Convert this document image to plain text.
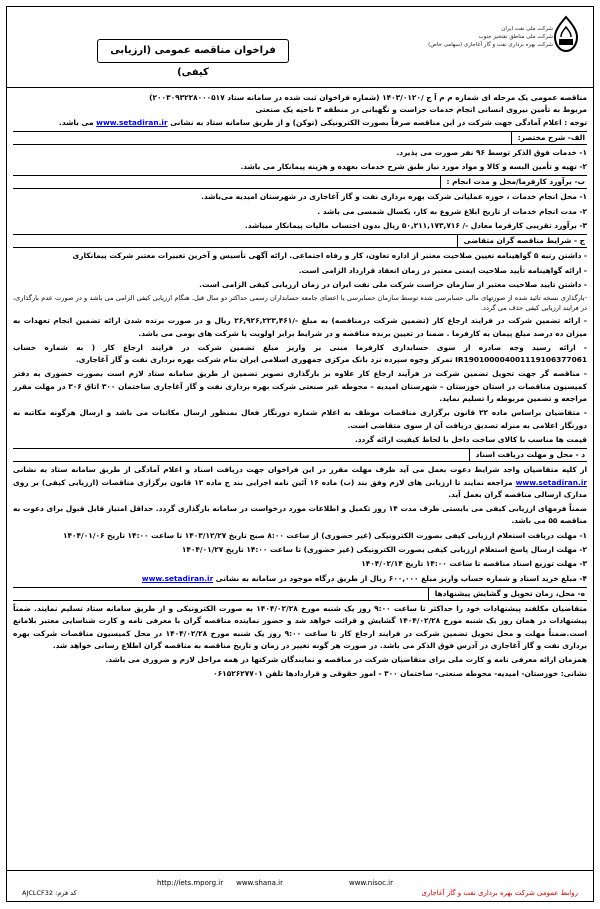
شرکت ملی نفت ایران
شرکت ملی مناطق نفتخیز جنوب
شرکت بهره برداری نفت و گاز آغاجاری (سهامی خاص)
فراخوان مناقصه عمومی (ارزیابی کیفی)

مناقصه عمومی یک مرحله ای شماره م م آ ج /۱۴۰۳/۰۱۲۰ (شماره فراخوان ثبت شده در سامانه ستاد ۲۰۰۳۰۹۳۲۲۸۰۰۰۵۱۷)

مربوط به تأمین نیروی انسانی انجام خدمات حراست و نگهبانی در منطقه ۳ ناحیه یک صنعتی

توجه : اعلام آمادگی جهت شرکت در این مناقصه صرفاً بصورت الکترونیکی (توکن) و از طریق سامانه ستاد به نشانی www.setadiran.ir می باشد.

الف- شرح مختصر:

۱- خدمات فوق الذکر توسط ۹۶ نفر صورت می پذیرد.

۲- تهیه و تأمین البسه و کالا و مواد مورد نیاز طبق شرح خدمات بعهده و هزینه پیمانکار می باشد.

ب- برآورد کارفرما/محل و مدت انجام :

۱- محل انجام خدمات ، حوزه عملیاتی شرکت بهره برداری نفت و گاز آغاجاری در شهرستان امیدیه می‌باشد.

۲- مدت انجام خدمات از تاریخ ابلاغ شروع به کار، یکسال شمسی می باشد .

۳- برآورد تقریبی کارفرما معادل -/ ۵۰,۲۱۱,۱۷۳,۷۱۶ ریال بدون احتساب مالیات پیمانکار میباشد.

ج - شرایط مناقصه گران متقاضی

- داشتن رتبه ۵ گواهینامه تعیین صلاحیت معتبر از اداره تعاون، کار و رفاه اجتماعی. ارائه آگهی تأسیس و آخرین تغییرات معتبر شرکت پیمانکاری

- ارائه گواهینامه تأیید صلاحیت ایمنی معتبر در زمان انعقاد قرارداد الزامی است.

- داشتن تایید صلاحیت معتبر از سازمان حراست شرکت ملی نفت ایران در زمان ارزیابی کیفی الزامی است.

-بارگذاری نسخه تائید شده از صورتهای مالی حسابرسی شده توسط سازمان حسابرسی یا اعضای جامعه حسابداران رسمی حداکثر دو سال قبل. هنگام ارزیابی کیفی الزامی می باشد و در صورت عدم بارگذاری، در فرایند ارزیابی کیفی حذف می گردد.

- ارائه تضمین شرکت در فرایند ارجاع کار (تضمین شرکت درمناقصه) به مبلغ -/۲۶,۹۲۶,۲۲۳,۴۶۱ ریال و در صورت برنده شدن ارائه تضمین انجام تعهدات به میزان ده درصد مبلغ پیمان به کارفرما . ضمنا در تعیین برنده مناقصه و در شرایط برابر اولویت با شرکت های بومی می باشد.

- ارائه رسید وجه صادره از سوی حسابداری کارفرما مبنی بر واریز مبلغ تضمین شرکت در فرایند ارجاع کار ( به شماره حساب IR190100004001119106377061 تمرکز وجوه سپرده نزد بانک مرکزی جمهوری اسلامی ایران بنام شرکت بهره برداری نفت و گاز آغاجاری.

- مناقصه گر جهت تحویل تضمین شرکت در فرآیند ارجاع کار علاوه بر بارگذاری تصویر تضمین از طریق سامانه ستاد لازم است بصورت حضوری به دفتر کمیسیون مناقصات در استان خوزستان – شهرستان امیدیه – محوطه غیر صنعتی شرکت بهره برداری نفت و گاز آغاجاری ساختمان ۳۰۰ اتاق ۳۰۶ در مهلت مقرر مراجعه و تضمین مربوطه را تسلیم نماید.

- متقاضیان براساس ماده ۲۲ قانون برگزاری مناقصات موظف به اعلام شماره دورنگار فعال بمنظور ارسال مکاتبات می باشد و ارسال هرگونه مکاتبه به دورنگار اعلامی به منزله تصدیق دریافت آن از سوی متقاضی است.

قیمت ها مناسب با کالای ساخت داخل با لحاظ کیفیت ارائه گردد.

د - محل و مهلت دریافت اسناد

از کلیه متقاضیان واجد شرایط دعوت بعمل می آید ظرف مهلت مقرر در این فراخوان جهت دریافت اسناد و اعلام آمادگی از طریق سامانه ستاد به نشانی www.setadiran.ir مراجعه نمایند تا ارزیابی های لازم وفق بند (ب) ماده ۱۶ آئین نامه اجرایی بند ج ماده ۱۲ قانون برگزاری مناقصات (ارزیابی کیفی) بر روی مدارک ارسالی مناقصه گران بعمل آید.

ضمناً فرمهای ارزیابی کیفی می بایستی ظرف مدت ۱۴ روز تکمیل و اطلاعات مورد درخواست در سامانه بارگذاری گردد. حداقل امتیاز قابل قبول برای دعوت به مناقصه ۵۵ می باشد.

۱- مهلت دریافت استعلام ارزیابی کیفی بصورت الکترونیکی (غیر حضوری) از ساعت ۸:۰۰ صبح تاریخ ۱۴۰۳/۱۲/۲۷ تا ساعت ۱۴:۰۰ تاریخ ۱۴۰۴/۰۱/۰۶

۲- مهلت ارسال پاسخ استعلام ارزیابی کیفی بصورت الکترونیکی (غیر حضوری) تا ساعت ۱۴:۰۰ تاریخ ۱۴۰۴/۰۱/۲۷

۳- مهلت توزیع اسناد مناقصه تا ساعت ۱۴:۰۰ تاریخ ۱۴۰۴/۰۲/۱۴

۴- مبلغ خرید اسناد و شماره حساب واریز مبلغ ۶۰۰,۰۰۰ ریال از طریق درگاه موجود در سامانه به نشانی www.setadiran.ir

ه- محل، زمان تحویل و گشایش پیشنهادها

متقاضیان مکلفند پیشنهادات خود را حداکثر تا ساعت ۹:۰۰ روز یک شنبه مورخ ۱۴۰۴/۰۲/۲۸ به صورت الکترونیکی و از طریق سامانه ستاد تسلیم نمایند. ضمناً پیشنهادات در همان روز یک شنبه مورخ ۱۴۰۴/۰۲/۲۸ گشایش و قرائت خواهد شد و حضور نماینده مناقصه گران با معرفی نامه و کارت شناسایی معتبر بلامانع است.ضمناً مهلت و محل تحویل تضمین شرکت در فرایند ارجاع کار تا ساعت ۹:۰۰ روز یک شنبه مورخ ۱۴۰۴/۰۲/۲۸ در محل کمیسیون مناقصات شرکت بهره برداری نفت و گاز آغاجاری در آدرس فوق الذکر می باشد. در صورت هر گونه تغییر در زمان و تاریخ مناقصه به مناقصه گران اطلاع رسانی خواهد شد.

همزمان ارائه معرفی نامه و کارت ملی برای متقاضیان شرکت در مناقصه و نمایندگان شرکتها در همه مراحل لازم و ضروری می باشد.

نشانی: خوزستان- امیدیه- محوطه صنعتی- ساختمان ۳۰۰ - امور حقوقی و قراردادها تلفن ۰۶۱۵۲۶۲۷۷۰۱

www.nisoc.ir
www.shana.ir
http://iets.mporg.ir
روابط عمومی شرکت بهره برداری نفت و گاز آغاجاری
کد فرم: AJCLCF32
